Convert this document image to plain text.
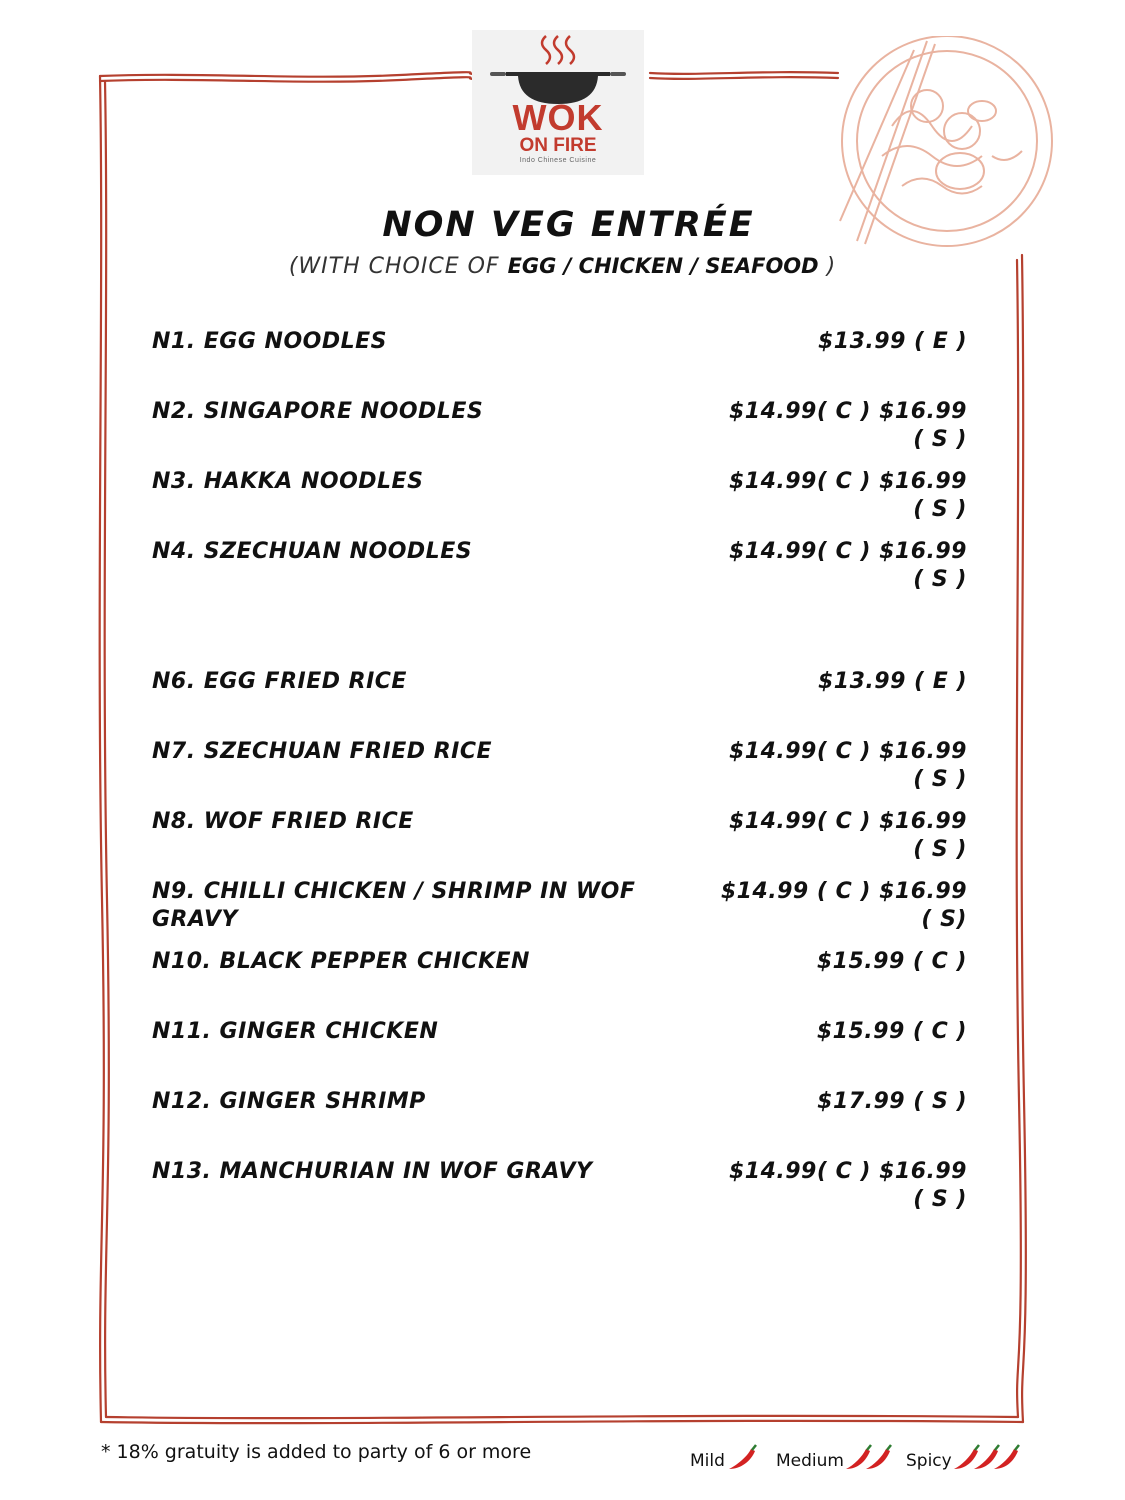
WOK
ON FIRE
Indo Chinese Cuisine
NON VEG ENTRÉE
(WITH CHOICE OF EGG / CHICKEN / SEAFOOD )
N1. EGG NOODLES	$13.99 ( E )
N2. SINGAPORE NOODLES	$14.99( C ) $16.99
( S )
N3. HAKKA NOODLES	$14.99( C ) $16.99
( S )
N4. SZECHUAN NOODLES	$14.99( C ) $16.99
( S )
N6. EGG FRIED RICE	$13.99 ( E )
N7. SZECHUAN FRIED RICE	$14.99( C ) $16.99
( S )
N8. WOF FRIED RICE	$14.99( C ) $16.99
( S )
N9. CHILLI CHICKEN / SHRIMP IN WOF
GRAVY
$14.99 ( C ) $16.99
( S)
N10. BLACK PEPPER CHICKEN	$15.99 ( C )
N11. GINGER CHICKEN	$15.99 ( C )
N12. GINGER SHRIMP	$17.99 ( S )
N13. MANCHURIAN IN WOF GRAVY	$14.99( C ) $16.99
( S )
* 18% gratuity is added to party of 6 or more	Mild	Medium	Spicy
